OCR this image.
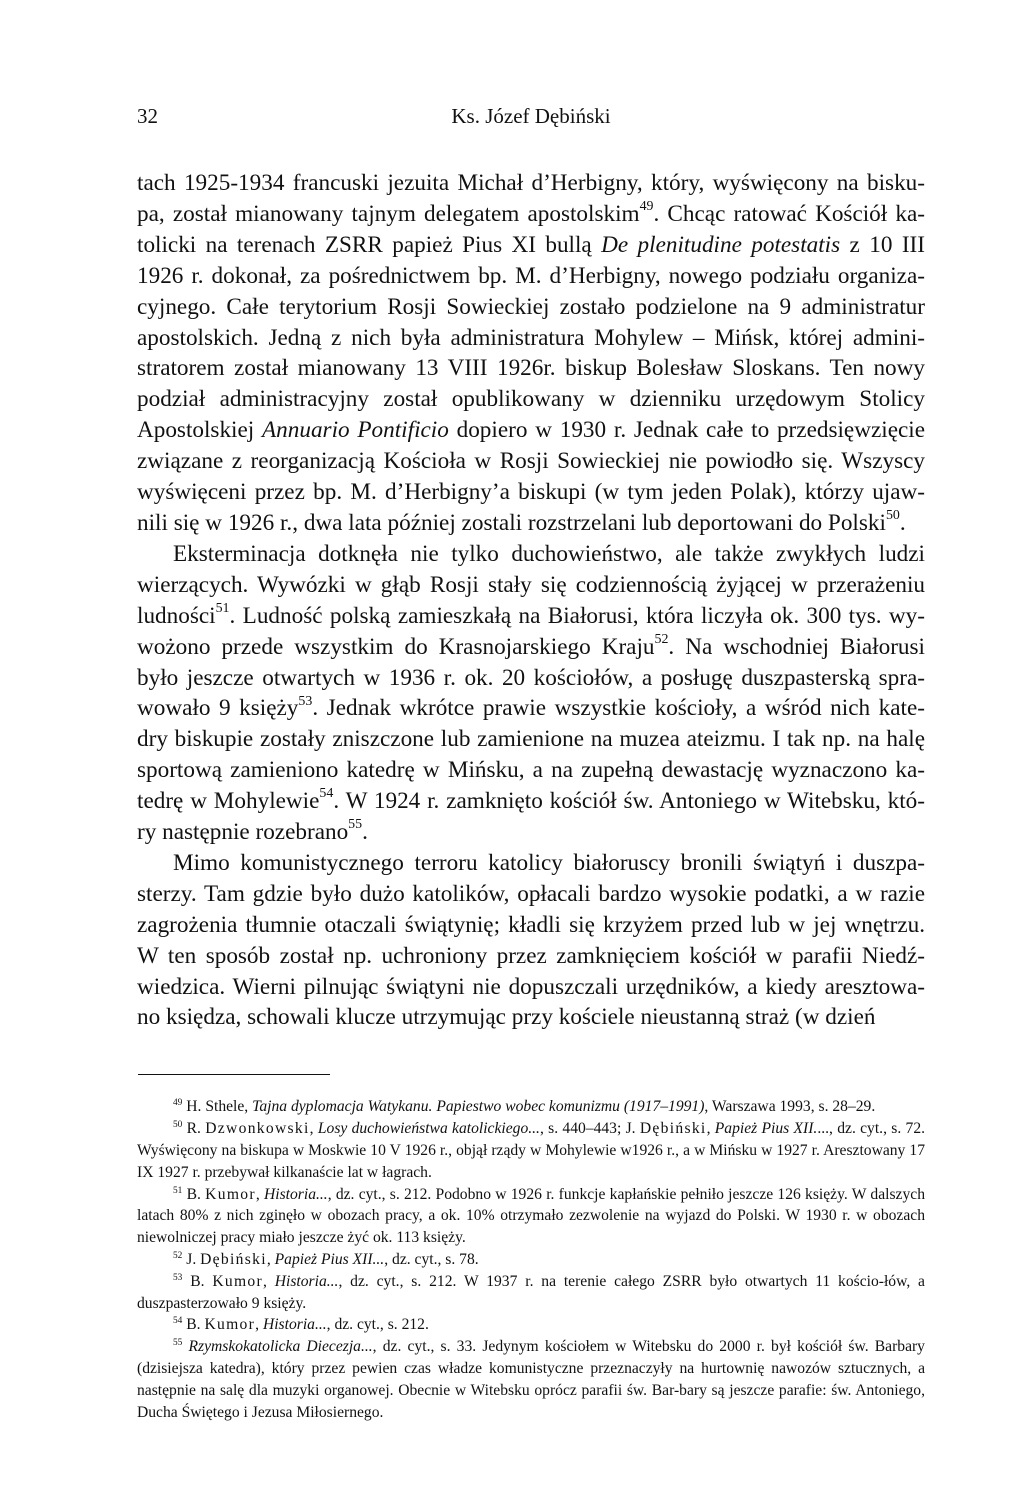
32	Ks. Józef Dębiński

tach 1925-1934 francuski jezuita Michał d’Herbigny, który, wyświęcony na bisku-pa, został mianowany tajnym delegatem apostolskim$^{49}$. Chcąc ratować Kościół ka-tolicki na terenach ZSRR papież Pius XI bullą De plenitudine potestatis z 10 III 1926 r. dokonał, za pośrednictwem bp. M. d’Herbigny, nowego podziału organiza-cyjnego. Całe terytorium Rosji Sowieckiej zostało podzielone na 9 administratur apostolskich. Jedną z nich była administratura Mohylew – Mińsk, której admini-stratorem został mianowany 13 VIII 1926r. biskup Bolesław Sloskans. Ten nowy podział administracyjny został opublikowany w dzienniku urzędowym Stolicy Apostolskiej Annuario Pontificio dopiero w 1930 r. Jednak całe to przedsięwzięcie związane z reorganizacją Kościoła w Rosji Sowieckiej nie powiodło się. Wszyscy wyświęceni przez bp. M. d’Herbigny’a biskupi (w tym jeden Polak), którzy ujaw-nili się w 1926 r., dwa lata później zostali rozstrzelani lub deportowani do Polski$^{50}$.

Eksterminacja dotknęła nie tylko duchowieństwo, ale także zwykłych ludzi wierzących. Wywózki w głąb Rosji stały się codziennością żyjącej w przerażeniu ludności$^{51}$. Ludność polską zamieszkałą na Białorusi, która liczyła ok. 300 tys. wy-wożono przede wszystkim do Krasnojarskiego Kraju$^{52}$. Na wschodniej Białorusi było jeszcze otwartych w 1936 r. ok. 20 kościołów, a posługę duszpasterską spra-wowało 9 księży$^{53}$. Jednak wkrótce prawie wszystkie kościoły, a wśród nich kate-dry biskupie zostały zniszczone lub zamienione na muzea ateizmu. I tak np. na halę sportową zamieniono katedrę w Mińsku, a na zupełną dewastację wyznaczono ka-tedrę w Mohylewie$^{54}$. W 1924 r. zamknięto kościół św. Antoniego w Witebsku, któ-ry następnie rozebrano$^{55}$.

Mimo komunistycznego terroru katolicy białoruscy bronili świątyń i duszpa-sterzy. Tam gdzie było dużo katolików, opłacali bardzo wysokie podatki, a w razie zagrożenia tłumnie otaczali świątynię; kładli się krzyżem przed lub w jej wnętrzu. W ten sposób został np. uchroniony przez zamknięciem kościół w parafii Niedź-wiedzica. Wierni pilnując świątyni nie dopuszczali urzędników, a kiedy aresztowa-no księdza, schowali klucze utrzymując przy kościele nieustanną straż (w dzień

$^{49}$ H. Sthele, Tajna dyplomacja Watykanu. Papiestwo wobec komunizmu (1917–1991), Warszawa 1993, s. 28–29.

$^{50}$ R. Dzwonkowski, Losy duchowieństwa katolickiego..., s. 440–443; J. Dębiński, Papież Pius XII...., dz. cyt., s. 72. Wyświęcony na biskupa w Moskwie 10 V 1926 r., objął rządy w Mohylewie w1926 r., a w Mińsku w 1927 r. Aresztowany 17 IX 1927 r. przebywał kilkanaście lat w łagrach.

$^{51}$ B. Kumor, Historia..., dz. cyt., s. 212. Podobno w 1926 r. funkcje kapłańskie pełniło jeszcze 126 księży. W dalszych latach 80% z nich zginęło w obozach pracy, a ok. 10% otrzymało zezwolenie na wyjazd do Polski. W 1930 r. w obozach niewolniczej pracy miało jeszcze żyć ok. 113 księży.

$^{52}$ J. Dębiński, Papież Pius XII..., dz. cyt., s. 78.

$^{53}$ B. Kumor, Historia..., dz. cyt., s. 212. W 1937 r. na terenie całego ZSRR było otwartych 11 kościo-łów, a duszpasterzowało 9 księży.

$^{54}$ B. Kumor, Historia..., dz. cyt., s. 212.

$^{55}$ Rzymskokatolicka Diecezja..., dz. cyt., s. 33. Jedynym kościołem w Witebsku do 2000 r. był kościół św. Barbary (dzisiejsza katedra), który przez pewien czas władze komunistyczne przeznaczyły na hurtownię nawozów sztucznych, a następnie na salę dla muzyki organowej. Obecnie w Witebsku oprócz parafii św. Bar-bary są jeszcze parafie: św. Antoniego, Ducha Świętego i Jezusa Miłosiernego.
